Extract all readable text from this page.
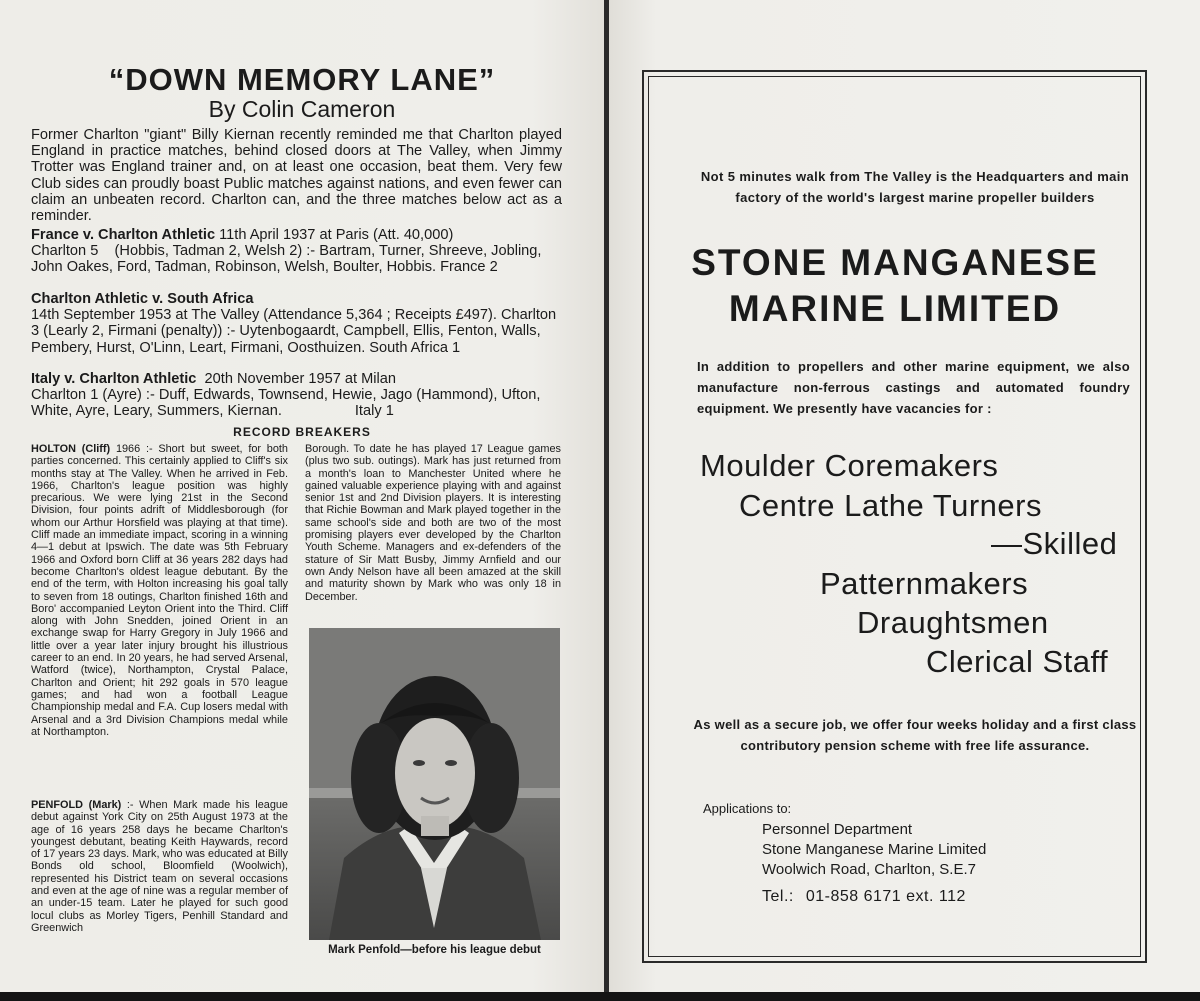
“DOWN MEMORY LANE”
By Colin Cameron

Former Charlton "giant" Billy Kiernan recently reminded me that Charlton played England in practice matches, behind closed doors at The Valley, when Jimmy Trotter was England trainer and, on at least one occasion, beat them. Very few Club sides can proudly boast Public matches against nations, and even fewer can claim an unbeaten record. Charlton can, and the three matches below act as a reminder.

France v. Charlton Athletic 11th April 1937 at Paris (Att. 40,000)
Charlton 5    (Hobbis, Tadman 2, Welsh 2) :- Bartram, Turner, Shreeve, Jobling, John Oakes, Ford, Tadman, Robinson, Welsh, Boulter, Hobbis. France 2

Charlton Athletic v. South Africa
14th September 1953 at The Valley (Attendance 5,364 ; Receipts £497). Charlton 3 (Learly 2, Firmani (penalty)) :- Uytenbogaardt, Campbell, Ellis, Fenton, Walls, Pembery, Hurst, O'Linn, Leart, Firmani, Oosthuizen. South Africa 1

Italy v. Charlton Athletic  20th November 1957 at Milan
Charlton 1 (Ayre) :- Duff, Edwards, Townsend, Hewie, Jago (Hammond), Ufton, White, Ayre, Leary, Summers, Kiernan.                  Italy 1

RECORD BREAKERS

HOLTON (Cliff) 1966 :- Short but sweet, for both parties concerned. This certainly applied to Cliff's six months stay at The Valley. When he arrived in Feb. 1966, Charlton's league position was highly precarious. We were lying 21st in the Second Division, four points adrift of Middlesborough (for whom our Arthur Horsfield was playing at that time). Cliff made an immediate impact, scoring in a winning 4—1 debut at Ipswich. The date was 5th February 1966 and Oxford born Cliff at 36 years 282 days had become Charlton's oldest league debutant. By the end of the term, with Holton increasing his goal tally to seven from 18 outings, Charlton finished 16th and Boro' accompanied Leyton Orient into the Third. Cliff along with John Snedden, joined Orient in an exchange swap for Harry Gregory in July 1966 and little over a year later injury brought his illustrious career to an end. In 20 years, he had served Arsenal, Watford (twice), Northampton, Crystal Palace, Charlton and Orient; hit 292 goals in 570 league games; and had won a football League Championship medal and F.A. Cup losers medal with Arsenal and a 3rd Division Champions medal while at Northampton.

PENFOLD (Mark) :- When Mark made his league debut against York City on 25th August 1973 at the age of 16 years 258 days he became Charlton's youngest debutant, beating Keith Haywards, record of 17 years 23 days. Mark, who was educated at Billy Bonds old school, Bloomfield (Woolwich), represented his District team on several occasions and even at the age of nine was a regular member of an under-15 team. Later he played for such good locul clubs as Morley Tigers, Penhill Standard and Greenwich

Borough. To date he has played 17 League games (plus two sub. outings). Mark has just returned from a month's loan to Manchester United where he gained valuable experience playing with and against senior 1st and 2nd Division players. It is interesting that Richie Bowman and Mark played together in the same school's side and both are two of the most promising players ever developed by the Charlton Youth Scheme. Managers and ex-defenders of the stature of Sir Matt Busby, Jimmy Arnfield and our own Andy Nelson have all been amazed at the skill and maturity shown by Mark who was only 18 in December.

Mark Penfold—before his league debut
Not 5 minutes walk from The Valley is the Headquarters and main factory of the world's largest marine propeller builders
STONE MANGANESE
MARINE LIMITED
In addition to propellers and other marine equipment, we also manufacture non-ferrous castings and automated foundry equipment. We presently have vacancies for :
Moulder Coremakers
Centre Lathe Turners
—Skilled
Patternmakers
Draughtsmen
Clerical Staff
As well as a secure job, we offer four weeks holiday and a first class contributory pension scheme with free life assurance.
Applications to:
Personnel Department
Stone Manganese Marine Limited
Woolwich Road, Charlton, S.E.7
Tel.: 01-858 6171 ext. 112
